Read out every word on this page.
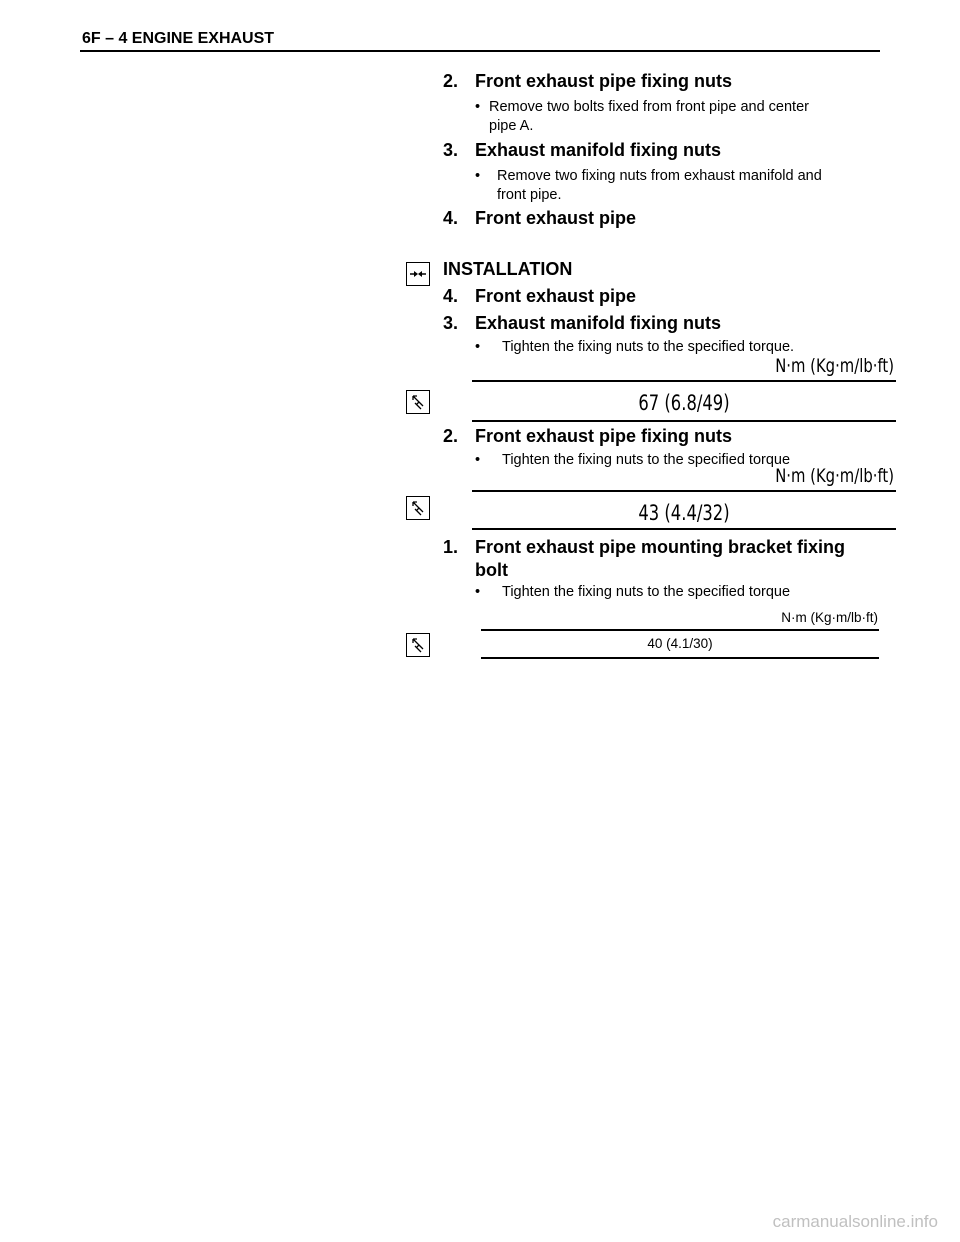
6F – 4 ENGINE EXHAUST
2. Front exhaust pipe fixing nuts
• Remove two bolts fixed from front pipe and center
pipe A.
3. Exhaust manifold fixing nuts
• Remove two fixing nuts from exhaust manifold and
front pipe.
4. Front exhaust pipe
INSTALLATION
4. Front exhaust pipe
3. Exhaust manifold fixing nuts
• Tighten the fixing nuts to the specified torque.
N·m (Kg·m/lb·ft)
67 (6.8/49)
2. Front exhaust pipe fixing nuts
• Tighten the fixing nuts to the specified torque
N·m (Kg·m/lb·ft)
43 (4.4/32)
1. Front exhaust pipe mounting bracket fixing
bolt
• Tighten the fixing nuts to the specified torque
N·m (Kg·m/lb·ft)
40 (4.1/30)
carmanualsonline.info
